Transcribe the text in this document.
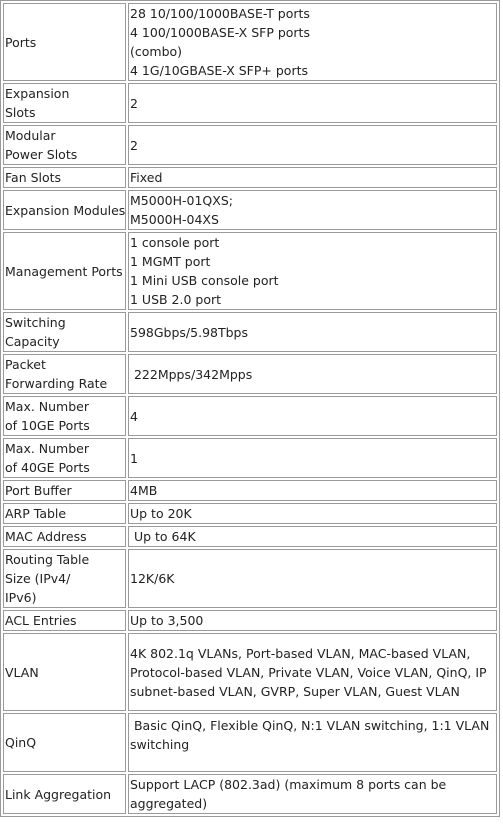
Ports	28 10/100/1000BASE-T ports
4 100/1000BASE-X SFP ports
(combo)
4 1G/10GBASE-X SFP+ ports

Expansion Slots	2

Modular Power Slots	2

Fan Slots	Fixed

Expansion Modules	M5000H-01QXS;
M5000H-04XS

Management Ports	1 console port
1 MGMT port
1 Mini USB console port
1 USB 2.0 port

Switching Capacity	598Gbps/5.98Tbps

Packet Forwarding Rate	222Mpps/342Mpps

Max. Number of 10GE Ports	4

Max. Number of 40GE Ports	1

Port Buffer	4MB

ARP Table	Up to 20K

MAC Address	Up to 64K

Routing Table Size (IPv4/ IPv6)	12K/6K

ACL Entries	Up to 3,500

VLAN	4K 802.1q VLANs, Port-based VLAN, MAC-based VLAN, Protocol-based VLAN, Private VLAN, Voice VLAN, QinQ, IP subnet-based VLAN, GVRP, Super VLAN, Guest VLAN

QinQ	Basic QinQ, Flexible QinQ, N:1 VLAN switching, 1:1 VLAN switching

Link Aggregation	Support LACP (802.3ad) (maximum 8 ports can be aggregated)
